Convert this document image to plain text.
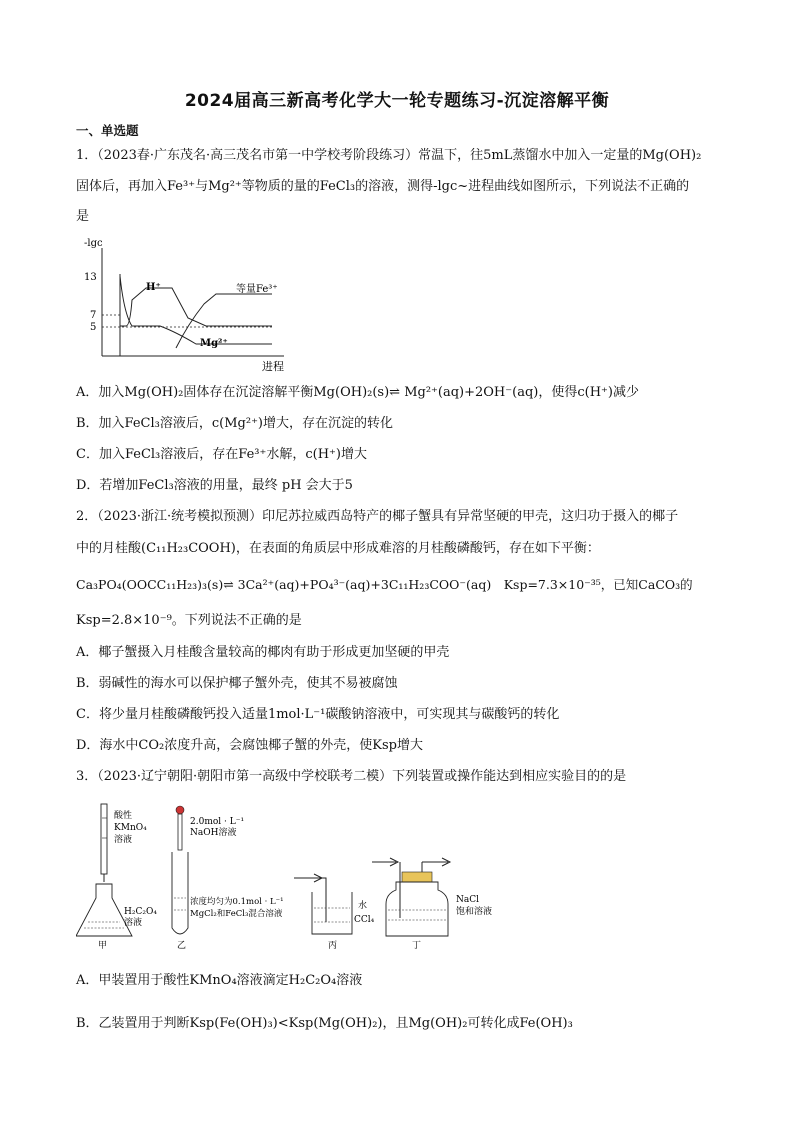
2024届高三新高考化学大一轮专题练习-沉淀溶解平衡
一、单选题
1．（2023春·广东茂名·高三茂名市第一中学校考阶段练习）常温下，往5mL蒸馏水中加入一定量的Mg(OH)₂
固体后，再加入Fe³⁺与Mg²⁺等物质的量的FeCl₃的溶液，测得-lgc~进程曲线如图所示，下列说法不正确的
是
-lgc
13
7
5
H⁺	等量Fe³⁺
Mg²⁺
进程
A．加入Mg(OH)₂固体存在沉淀溶解平衡Mg(OH)₂(s)⇌ Mg²⁺(aq)+2OH⁻(aq)，使得c(H⁺)减少
B．加入FeCl₃溶液后，c(Mg²⁺)增大，存在沉淀的转化
C．加入FeCl₃溶液后，存在Fe³⁺水解，c(H⁺)增大
D．若增加FeCl₃溶液的用量，最终 pH 会大于5
2．（2023·浙江·统考模拟预测）印尼苏拉威西岛特产的椰子蟹具有异常坚硬的甲壳，这归功于摄入的椰子
中的月桂酸(C₁₁H₂₃COOH)，在表面的角质层中形成难溶的月桂酸磷酸钙，存在如下平衡：
Ca₃PO₄(OOCC₁₁H₂₃)₃(s)⇌ 3Ca²⁺(aq)+PO₄³⁻(aq)+3C₁₁H₂₃COO⁻(aq)　Ksp=7.3×10⁻³⁵，已知CaCO₃的
Ksp=2.8×10⁻⁹。下列说法不正确的是
A．椰子蟹摄入月桂酸含量较高的椰肉有助于形成更加坚硬的甲壳
B．弱碱性的海水可以保护椰子蟹外壳，使其不易被腐蚀
C．将少量月桂酸磷酸钙投入适量1mol·L⁻¹碳酸钠溶液中，可实现其与碳酸钙的转化
D．海水中CO₂浓度升高，会腐蚀椰子蟹的外壳，使Ksp增大
3．（2023·辽宁朝阳·朝阳市第一高级中学校联考二模）下列装置或操作能达到相应实验目的的是
酸性
KMnO₄
溶液
H₂C₂O₄
溶液
甲
2.0mol · L⁻¹
NaOH溶液
浓度均匀为0.1mol · L⁻¹
MgCl₂和FeCl₃混合溶液
乙
水
CCl₄
丙
NaCl
饱和溶液
丁
A．甲装置用于酸性KMnO₄溶液滴定H₂C₂O₄溶液
B．乙装置用于判断Ksp(Fe(OH)₃)<Ksp(Mg(OH)₂)，且Mg(OH)₂可转化成Fe(OH)₃
